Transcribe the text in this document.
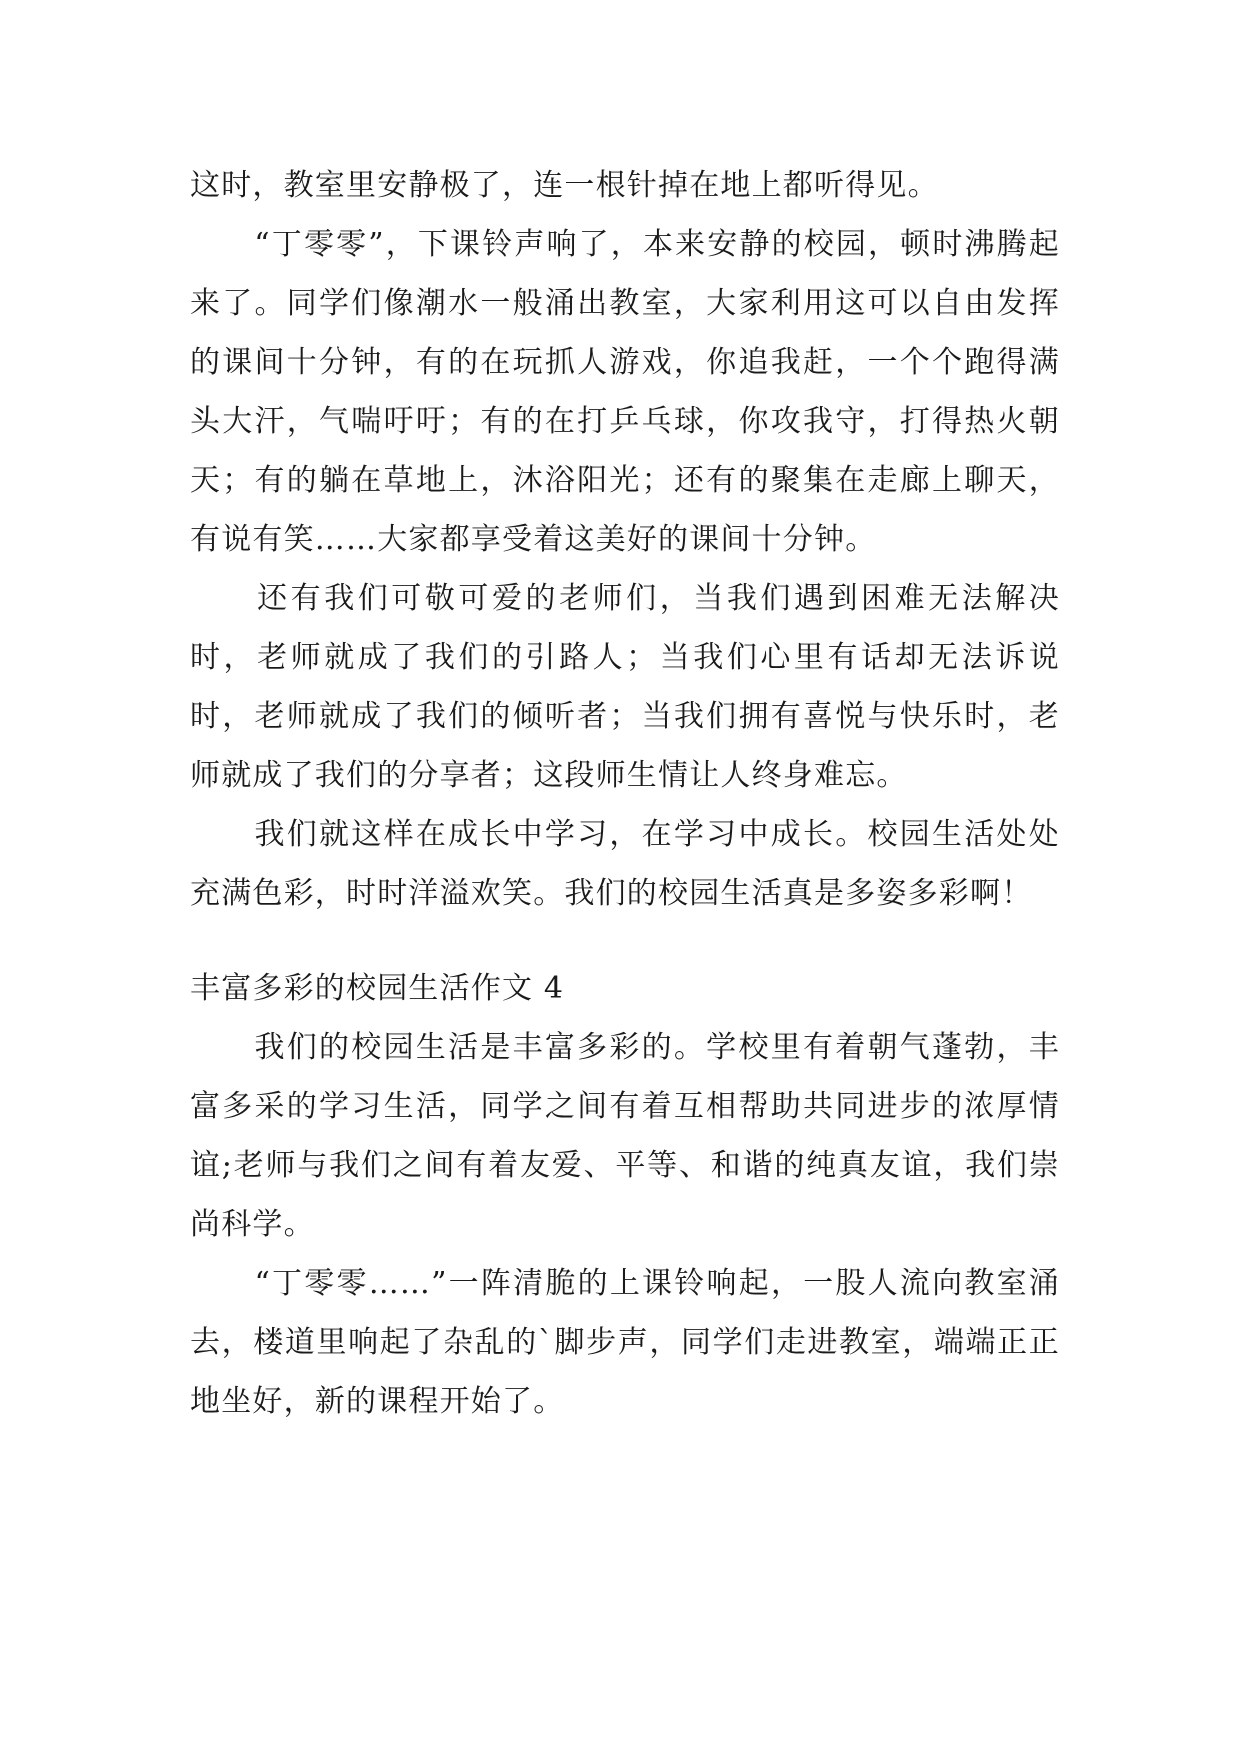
这时，教室里安静极了，连一根针掉在地上都听得见。

　　“丁零零”，下课铃声响了，本来安静的校园，顿时沸腾起来了。同学们像潮水一般涌出教室，大家利用这可以自由发挥的课间十分钟，有的在玩抓人游戏，你追我赶，一个个跑得满头大汗，气喘吁吁；有的在打乒乓球，你攻我守，打得热火朝天；有的躺在草地上，沐浴阳光；还有的聚集在走廊上聊天，有说有笑……大家都享受着这美好的课间十分钟。

　　还有我们可敬可爱的老师们，当我们遇到困难无法解决时，老师就成了我们的引路人；当我们心里有话却无法诉说时，老师就成了我们的倾听者；当我们拥有喜悦与快乐时，老师就成了我们的分享者；这段师生情让人终身难忘。

　　我们就这样在成长中学习，在学习中成长。校园生活处处充满色彩，时时洋溢欢笑。我们的校园生活真是多姿多彩啊！

丰富多彩的校园生活作文 4

　　我们的校园生活是丰富多彩的。学校里有着朝气蓬勃，丰富多采的学习生活，同学之间有着互相帮助共同进步的浓厚情谊;老师与我们之间有着友爱、平等、和谐的纯真友谊，我们崇尚科学。

　　“丁零零……”一阵清脆的上课铃响起，一股人流向教室涌去，楼道里响起了杂乱的`脚步声，同学们走进教室，端端正正地坐好，新的课程开始了。
